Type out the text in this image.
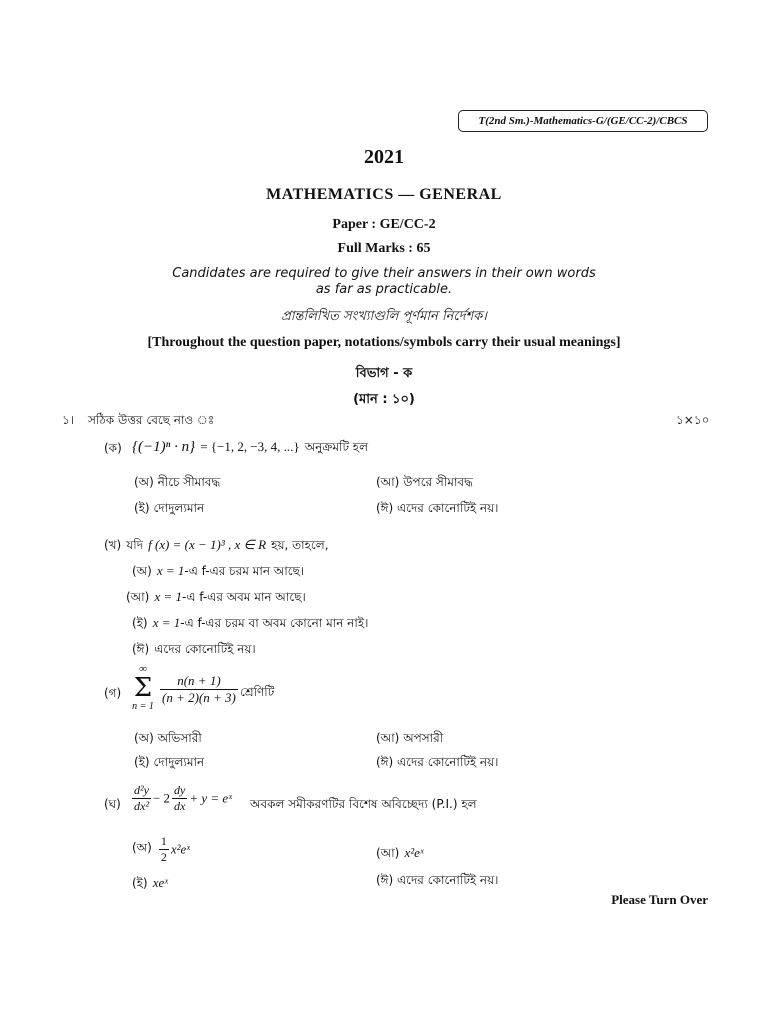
T(2nd Sm.)-Mathematics-G/(GE/CC-2)/CBCS
2021
MATHEMATICS — GENERAL
Paper : GE/CC-2
Full Marks : 65
Candidates are required to give their answers in their own words
as far as practicable.
প্রান্তলিখিত সংখ্যাগুলি পূর্ণমান নির্দেশক।
[Throughout the question paper, notations/symbols carry their usual meanings]
বিভাগ - ক
(মান : ১০)
১। সঠিক উত্তর বেছে নাও ঃ	১×১০
(ক) {(−1)ⁿ · n} = {−1, 2, −3, 4, ...} অনুক্রমটি হল
(অ) নীচে সীমাবদ্ধ	(আ) উপরে সীমাবদ্ধ
(ই) দোদুল্যমান	(ঈ) এদের কোনোটিই নয়।
(খ) যদি f (x) = (x − 1)³ , x ∈ R হয়, তাহলে,
(অ) x = 1-এ f-এর চরম মান আছে।
(আ) x = 1-এ f-এর অবম মান আছে।
(ই) x = 1-এ f-এর চরম বা অবম কোনো মান নাই।
(ঈ) এদের কোনোটিই নয়।
(গ)
∞
Σ
n = 1
$\frac{n(n + 1)}{(n + 2)(n + 3)}$ শ্রেণিটি
(অ) অভিসারী	(আ) অপসারী
(ই) দোদুল্যমান	(ঈ) এদের কোনোটিই নয়।
(ঘ) $\frac{\text{d²y}}{\text{dx²}} - 2 \frac{dy}{dx} + y$ = eˣ অবকল সমীকরণটির বিশেষ অবিচ্ছেদ্য (P.I.) হল
(অ) $\frac{1}{2}$ x²eˣ	(আ) x²eˣ
(ই) xeˣ	(ঈ) এদের কোনোটিই নয়।
Please Turn Over
